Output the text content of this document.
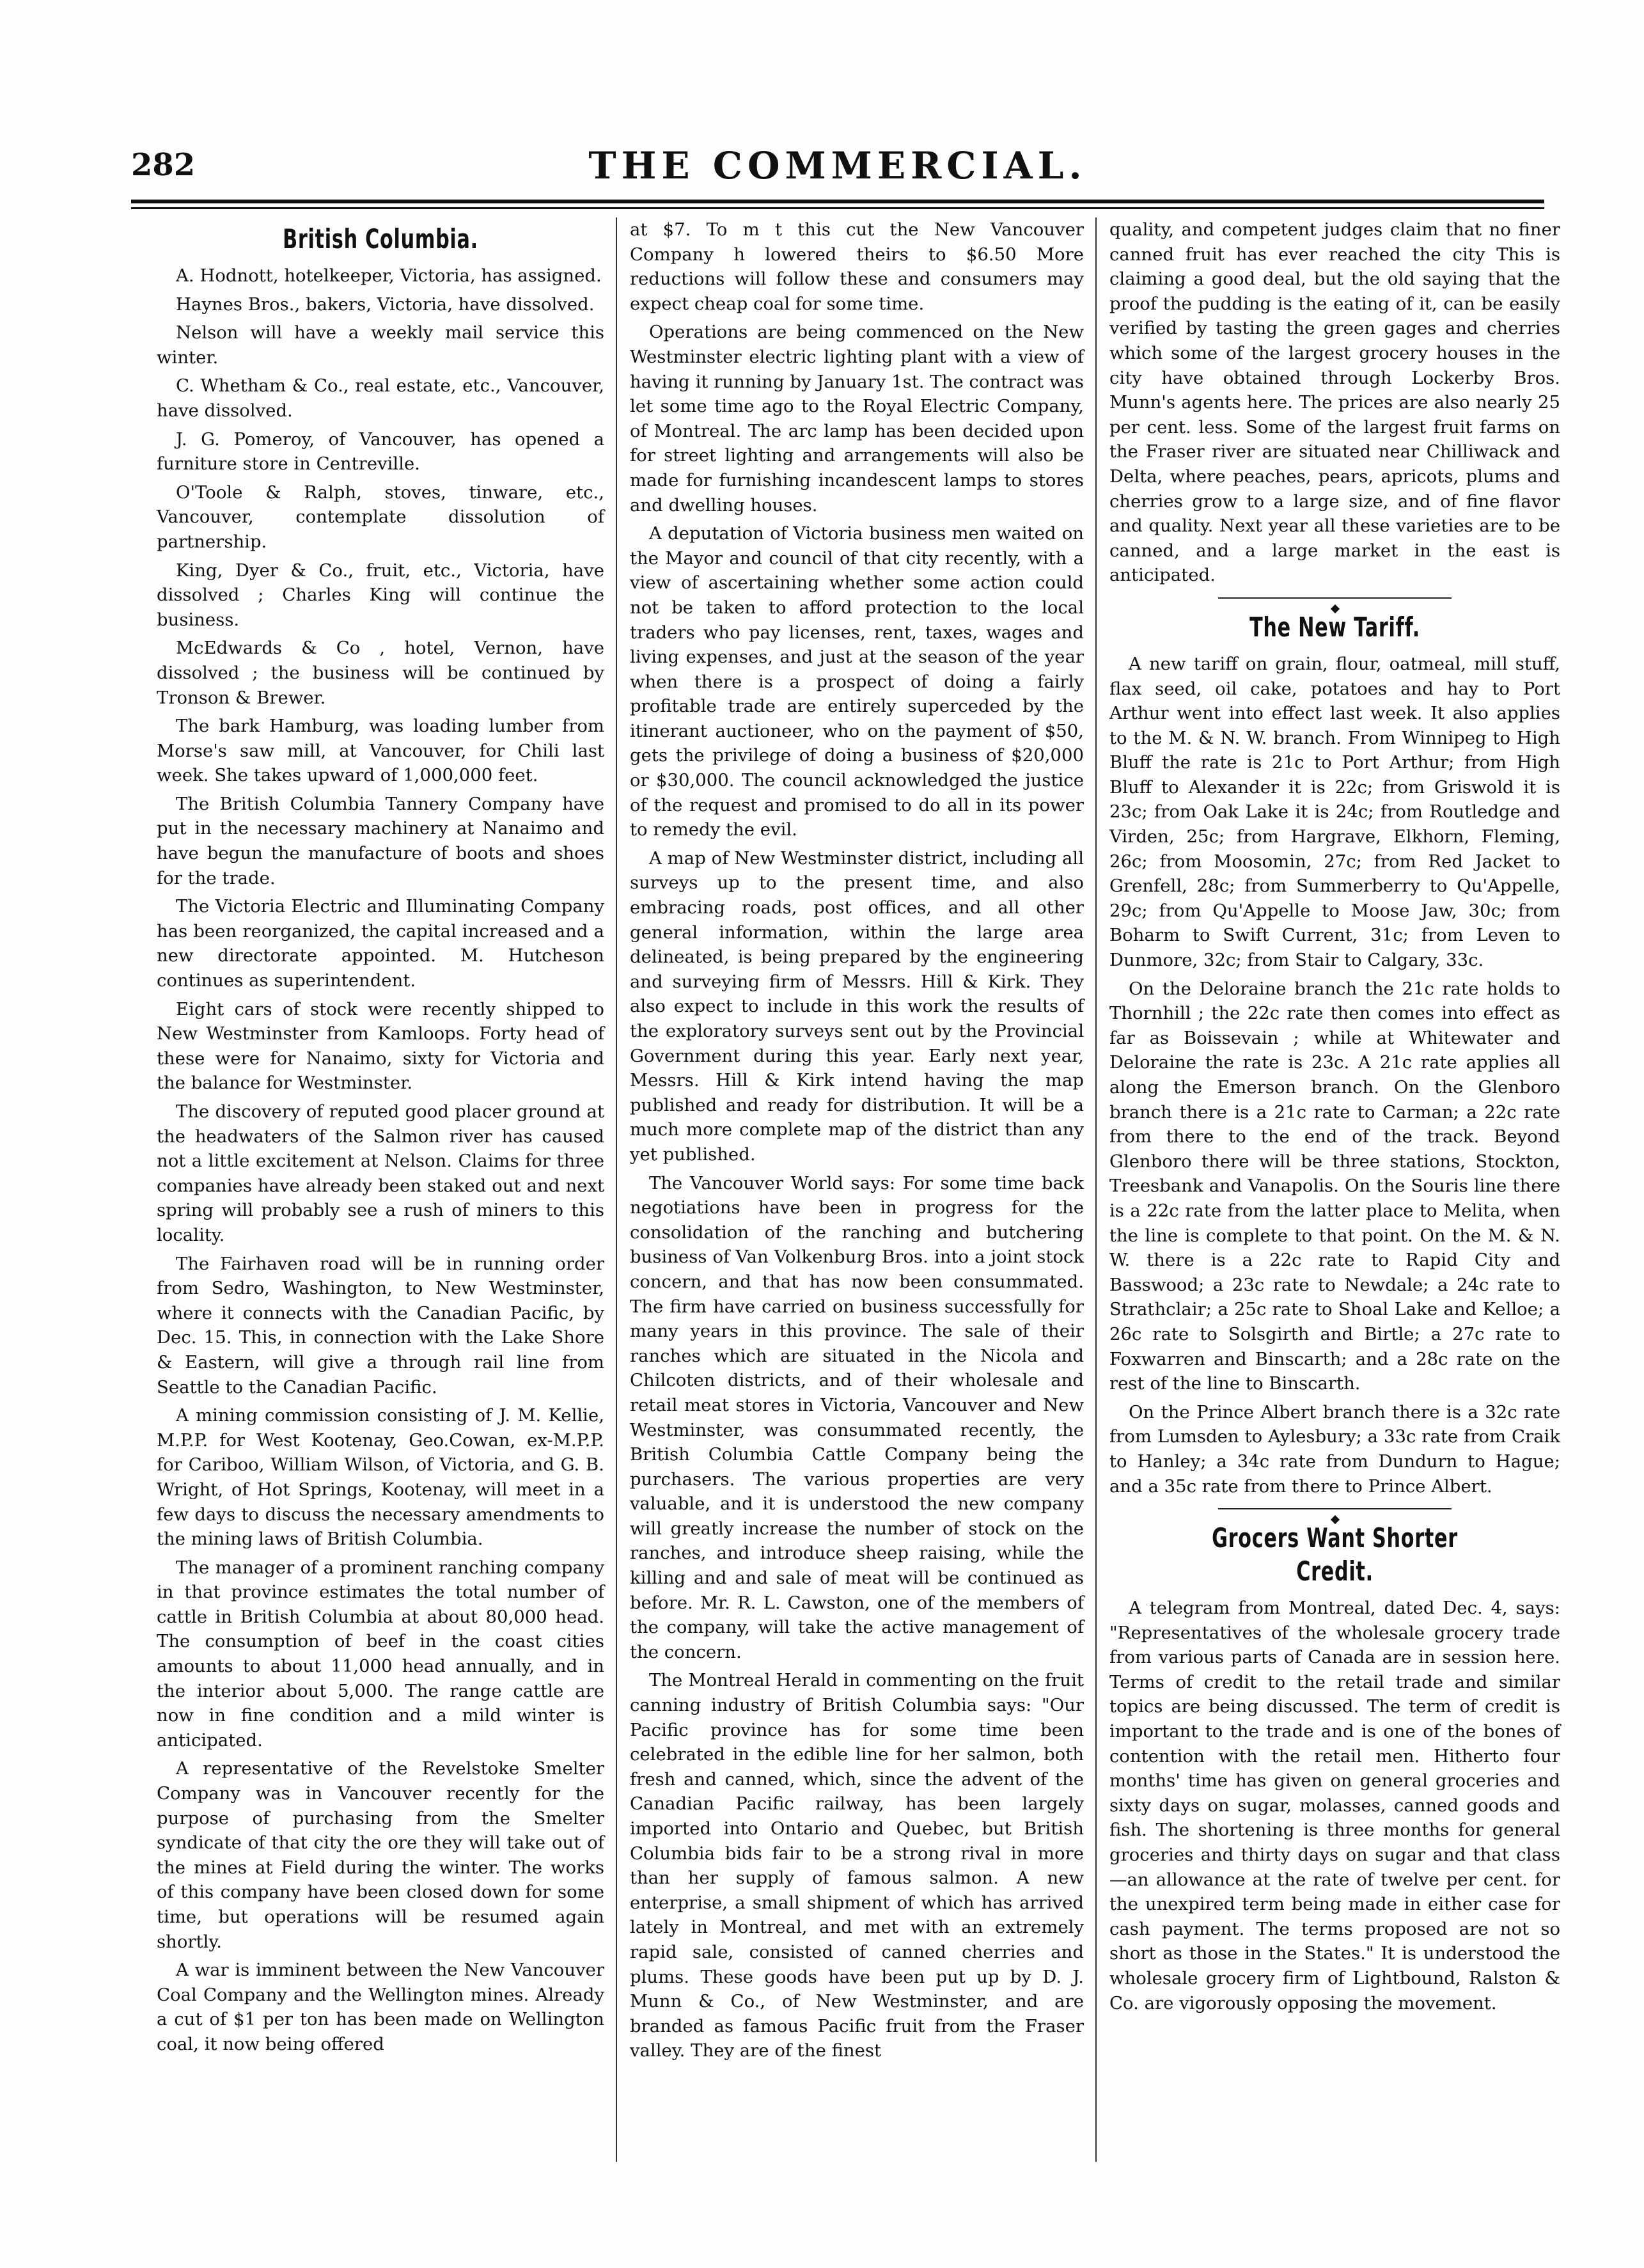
282	THE COMMERCIAL.
British Columbia.

A. Hodnott, hotelkeeper, Victoria, has assigned.

Haynes Bros., bakers, Victoria, have dissolved.

Nelson will have a weekly mail service this winter.

C. Whetham & Co., real estate, etc., Vancouver, have dissolved.

J. G. Pomeroy, of Vancouver, has opened a furniture store in Centreville.

O'Toole & Ralph, stoves, tinware, etc., Vancouver, contemplate dissolution of partnership.

King, Dyer & Co., fruit, etc., Victoria, have dissolved ; Charles King will continue the business.

McEdwards & Co , hotel, Vernon, have dissolved ; the business will be continued by Tronson & Brewer.

The bark Hamburg, was loading lumber from Morse's saw mill, at Vancouver, for Chili last week. She takes upward of 1,000,000 feet.

The British Columbia Tannery Company have put in the necessary machinery at Nanaimo and have begun the manufacture of boots and shoes for the trade.

The Victoria Electric and Illuminating Company has been reorganized, the capital increased and a new directorate appointed. M. Hutcheson continues as superintendent.

Eight cars of stock were recently shipped to New Westminster from Kamloops. Forty head of these were for Nanaimo, sixty for Victoria and the balance for Westminster.

The discovery of reputed good placer ground at the headwaters of the Salmon river has caused not a little excitement at Nelson. Claims for three companies have already been staked out and next spring will probably see a rush of miners to this locality.

The Fairhaven road will be in running order from Sedro, Washington, to New Westminster, where it connects with the Canadian Pacific, by Dec. 15. This, in connection with the Lake Shore & Eastern, will give a through rail line from Seattle to the Canadian Pacific.

A mining commission consisting of J. M. Kellie, M.P.P. for West Kootenay, Geo.Cowan, ex-M.P.P. for Cariboo, William Wilson, of Victoria, and G. B. Wright, of Hot Springs, Kootenay, will meet in a few days to discuss the necessary amendments to the mining laws of British Columbia.

The manager of a prominent ranching company in that province estimates the total number of cattle in British Columbia at about 80,000 head. The consumption of beef in the coast cities amounts to about 11,000 head annually, and in the interior about 5,000. The range cattle are now in fine condition and a mild winter is anticipated.

A representative of the Revelstoke Smelter Company was in Vancouver recently for the purpose of purchasing from the Smelter syndicate of that city the ore they will take out of the mines at Field during the winter. The works of this company have been closed down for some time, but operations will be resumed again shortly.

A war is imminent between the New Vancouver Coal Company and the Wellington mines. Already a cut of $1 per ton has been made on Wellington coal, it now being offered

at $7. To m t this cut the New Vancouver Company h lowered theirs to $6.50 More reductions will follow these and consumers may expect cheap coal for some time.

Operations are being commenced on the New Westminster electric lighting plant with a view of having it running by January 1st. The contract was let some time ago to the Royal Electric Company, of Montreal. The arc lamp has been decided upon for street lighting and arrangements will also be made for furnishing incandescent lamps to stores and dwelling houses.

A deputation of Victoria business men waited on the Mayor and council of that city recently, with a view of ascertaining whether some action could not be taken to afford protection to the local traders who pay licenses, rent, taxes, wages and living expenses, and just at the season of the year when there is a prospect of doing a fairly profitable trade are entirely superceded by the itinerant auctioneer, who on the payment of $50, gets the privilege of doing a business of $20,000 or $30,000. The council acknowledged the justice of the request and promised to do all in its power to remedy the evil.

A map of New Westminster district, including all surveys up to the present time, and also embracing roads, post offices, and all other general information, within the large area delineated, is being prepared by the engineering and surveying firm of Messrs. Hill & Kirk. They also expect to include in this work the results of the exploratory surveys sent out by the Provincial Government during this year. Early next year, Messrs. Hill & Kirk intend having the map published and ready for distribution. It will be a much more complete map of the district than any yet published.

The Vancouver World says: For some time back negotiations have been in progress for the consolidation of the ranching and butchering business of Van Volkenburg Bros. into a joint stock concern, and that has now been consummated. The firm have carried on business successfully for many years in this province. The sale of their ranches which are situated in the Nicola and Chilcoten districts, and of their wholesale and retail meat stores in Victoria, Vancouver and New Westminster, was consummated recently, the British Columbia Cattle Company being the purchasers. The various properties are very valuable, and it is understood the new company will greatly increase the number of stock on the ranches, and introduce sheep raising, while the killing and and sale of meat will be continued as before. Mr. R. L. Cawston, one of the members of the company, will take the active management of the concern.

The Montreal Herald in commenting on the fruit canning industry of British Columbia says: "Our Pacific province has for some time been celebrated in the edible line for her salmon, both fresh and canned, which, since the advent of the Canadian Pacific railway, has been largely imported into Ontario and Quebec, but British Columbia bids fair to be a strong rival in more than her supply of famous salmon. A new enterprise, a small shipment of which has arrived lately in Montreal, and met with an extremely rapid sale, consisted of canned cherries and plums. These goods have been put up by D. J. Munn & Co., of New Westminster, and are branded as famous Pacific fruit from the Fraser valley. They are of the finest

quality, and competent judges claim that no finer canned fruit has ever reached the city This is claiming a good deal, but the old saying that the proof the pudding is the eating of it, can be easily verified by tasting the green gages and cherries which some of the largest grocery houses in the city have obtained through Lockerby Bros. Munn's agents here. The prices are also nearly 25 per cent. less. Some of the largest fruit farms on the Fraser river are situated near Chilliwack and Delta, where peaches, pears, apricots, plums and cherries grow to a large size, and of fine flavor and quality. Next year all these varieties are to be canned, and a large market in the east is anticipated.

The New Tariff.

A new tariff on grain, flour, oatmeal, mill stuff, flax seed, oil cake, potatoes and hay to Port Arthur went into effect last week. It also applies to the M. & N. W. branch. From Winnipeg to High Bluff the rate is 21c to Port Arthur; from High Bluff to Alexander it is 22c; from Griswold it is 23c; from Oak Lake it is 24c; from Routledge and Virden, 25c; from Hargrave, Elkhorn, Fleming, 26c; from Moosomin, 27c; from Red Jacket to Grenfell, 28c; from Summerberry to Qu'Appelle, 29c; from Qu'Appelle to Moose Jaw, 30c; from Boharm to Swift Current, 31c; from Leven to Dunmore, 32c; from Stair to Calgary, 33c.

On the Deloraine branch the 21c rate holds to Thornhill ; the 22c rate then comes into effect as far as Boissevain ; while at Whitewater and Deloraine the rate is 23c. A 21c rate applies all along the Emerson branch. On the Glenboro branch there is a 21c rate to Carman; a 22c rate from there to the end of the track. Beyond Glenboro there will be three stations, Stockton, Treesbank and Vanapolis. On the Souris line there is a 22c rate from the latter place to Melita, when the line is complete to that point. On the M. & N. W. there is a 22c rate to Rapid City and Basswood; a 23c rate to Newdale; a 24c rate to Strathclair; a 25c rate to Shoal Lake and Kelloe; a 26c rate to Solsgirth and Birtle; a 27c rate to Foxwarren and Binscarth; and a 28c rate on the rest of the line to Binscarth.

On the Prince Albert branch there is a 32c rate from Lumsden to Aylesbury; a 33c rate from Craik to Hanley; a 34c rate from Dundurn to Hague; and a 35c rate from there to Prince Albert.

Grocers Want Shorter Credit.

A telegram from Montreal, dated Dec. 4, says: "Representatives of the wholesale grocery trade from various parts of Canada are in session here. Terms of credit to the retail trade and similar topics are being discussed. The term of credit is important to the trade and is one of the bones of contention with the retail men. Hitherto four months' time has given on general groceries and sixty days on sugar, molasses, canned goods and fish. The shortening is three months for general groceries and thirty days on sugar and that class—an allowance at the rate of twelve per cent. for the unexpired term being made in either case for cash payment. The terms proposed are not so short as those in the States." It is understood the wholesale grocery firm of Lightbound, Ralston & Co. are vigorously opposing the movement.
